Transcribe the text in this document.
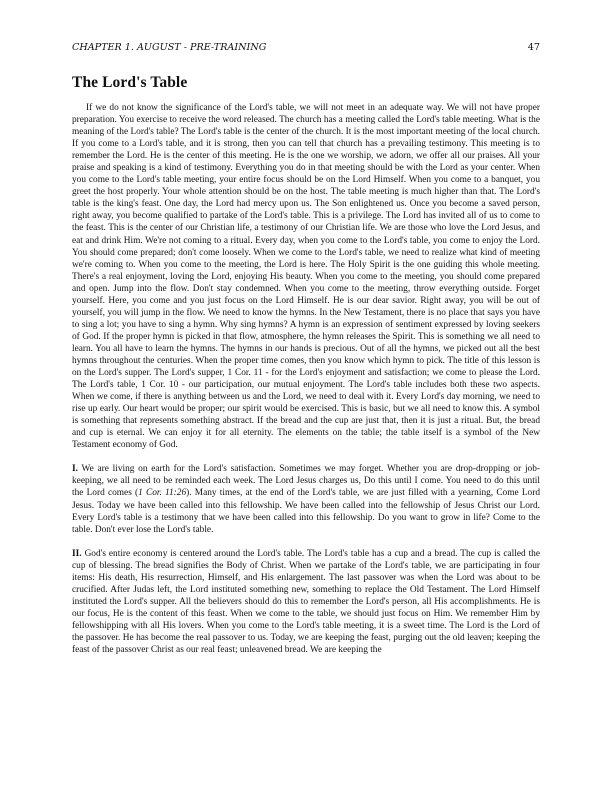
CHAPTER 1. AUGUST - PRE-TRAINING	47
The Lord's Table

If we do not know the significance of the Lord's table, we will not meet in an adequate way. We will not have proper preparation. You exercise to receive the word released. The church has a meeting called the Lord's table meeting. What is the meaning of the Lord's table? The Lord's table is the center of the church. It is the most important meeting of the local church. If you come to a Lord's table, and it is strong, then you can tell that church has a prevailing testimony. This meeting is to remember the Lord. He is the center of this meeting. He is the one we worship, we adorn, we offer all our praises. All your praise and speaking is a kind of testimony. Everything you do in that meeting should be with the Lord as your center. When you come to the Lord's table meeting, your entire focus should be on the Lord Himself. When you come to a banquet, you greet the host properly. Your whole attention should be on the host. The table meeting is much higher than that. The Lord's table is the king's feast. One day, the Lord had mercy upon us. The Son enlightened us. Once you become a saved person, right away, you become qualified to partake of the Lord's table. This is a privilege. The Lord has invited all of us to come to the feast. This is the center of our Christian life, a testimony of our Christian life. We are those who love the Lord Jesus, and eat and drink Him. We're not coming to a ritual. Every day, when you come to the Lord's table, you come to enjoy the Lord. You should come prepared; don't come loosely. When we come to the Lord's table, we need to realize what kind of meeting we're coming to. When you come to the meeting, the Lord is here. The Holy Spirit is the one guiding this whole meeting. There's a real enjoyment, loving the Lord, enjoying His beauty. When you come to the meeting, you should come prepared and open. Jump into the flow. Don't stay condemned. When you come to the meeting, throw everything outside. Forget yourself. Here, you come and you just focus on the Lord Himself. He is our dear savior. Right away, you will be out of yourself, you will jump in the flow. We need to know the hymns. In the New Testament, there is no place that says you have to sing a lot; you have to sing a hymn. Why sing hymns? A hymn is an expression of sentiment expressed by loving seekers of God. If the proper hymn is picked in that flow, atmosphere, the hymn releases the Spirit. This is something we all need to learn. You all have to learn the hymns. The hymns in our hands is precious. Out of all the hymns, we picked out all the best hymns throughout the centuries. When the proper time comes, then you know which hymn to pick. The title of this lesson is on the Lord's supper. The Lord's supper, 1 Cor. 11 - for the Lord's enjoyment and satisfaction; we come to please the Lord. The Lord's table, 1 Cor. 10 - our participation, our mutual enjoyment. The Lord's table includes both these two aspects. When we come, if there is anything between us and the Lord, we need to deal with it. Every Lord's day morning, we need to rise up early. Our heart would be proper; our spirit would be exercised. This is basic, but we all need to know this. A symbol is something that represents something abstract. If the bread and the cup are just that, then it is just a ritual. But, the bread and cup is eternal. We can enjoy it for all eternity. The elements on the table; the table itself is a symbol of the New Testament economy of God.

I. We are living on earth for the Lord's satisfaction. Sometimes we may forget. Whether you are drop-dropping or job-keeping, we all need to be reminded each week. The Lord Jesus charges us, Do this until I come. You need to do this until the Lord comes (1 Cor. 11:26). Many times, at the end of the Lord's table, we are just filled with a yearning, Come Lord Jesus. Today we have been called into this fellowship. We have been called into the fellowship of Jesus Christ our Lord. Every Lord's table is a testimony that we have been called into this fellowship. Do you want to grow in life? Come to the table. Don't ever lose the Lord's table.

II. God's entire economy is centered around the Lord's table. The Lord's table has a cup and a bread. The cup is called the cup of blessing. The bread signifies the Body of Christ. When we partake of the Lord's table, we are participating in four items: His death, His resurrection, Himself, and His enlargement. The last passover was when the Lord was about to be crucified. After Judas left, the Lord instituted something new, something to replace the Old Testament. The Lord Himself instituted the Lord's supper. All the believers should do this to remember the Lord's person, all His accomplishments. He is our focus, He is the content of this feast. When we come to the table, we should just focus on Him. We remember Him by fellowshipping with all His lovers. When you come to the Lord's table meeting, it is a sweet time. The Lord is the Lord of the passover. He has become the real passover to us. Today, we are keeping the feast, purging out the old leaven; keeping the feast of the passover Christ as our real feast; unleavened bread. We are keeping the
